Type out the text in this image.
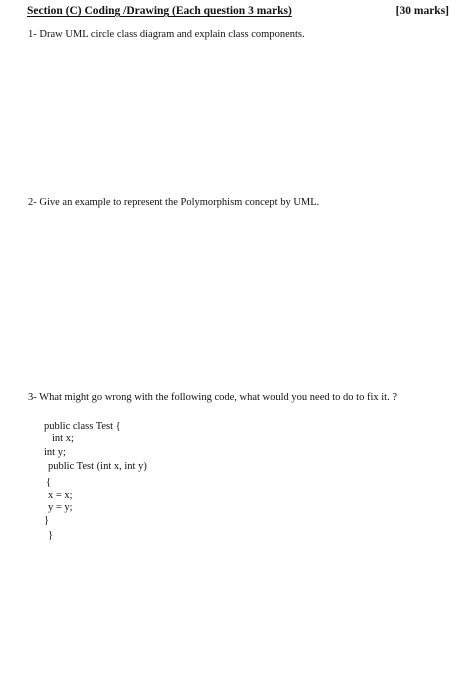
Section (C) Coding /Drawing (Each question 3 marks)	[30 marks]
1- Draw UML circle class diagram and explain class components.
2- Give an example to represent the Polymorphism concept by UML.
3- What might go wrong with the following code, what would you need to do to fix it. ?
public class Test {
int x;
int y;
public Test (int x, int y)
{
x = x;
y = y;
}
}
